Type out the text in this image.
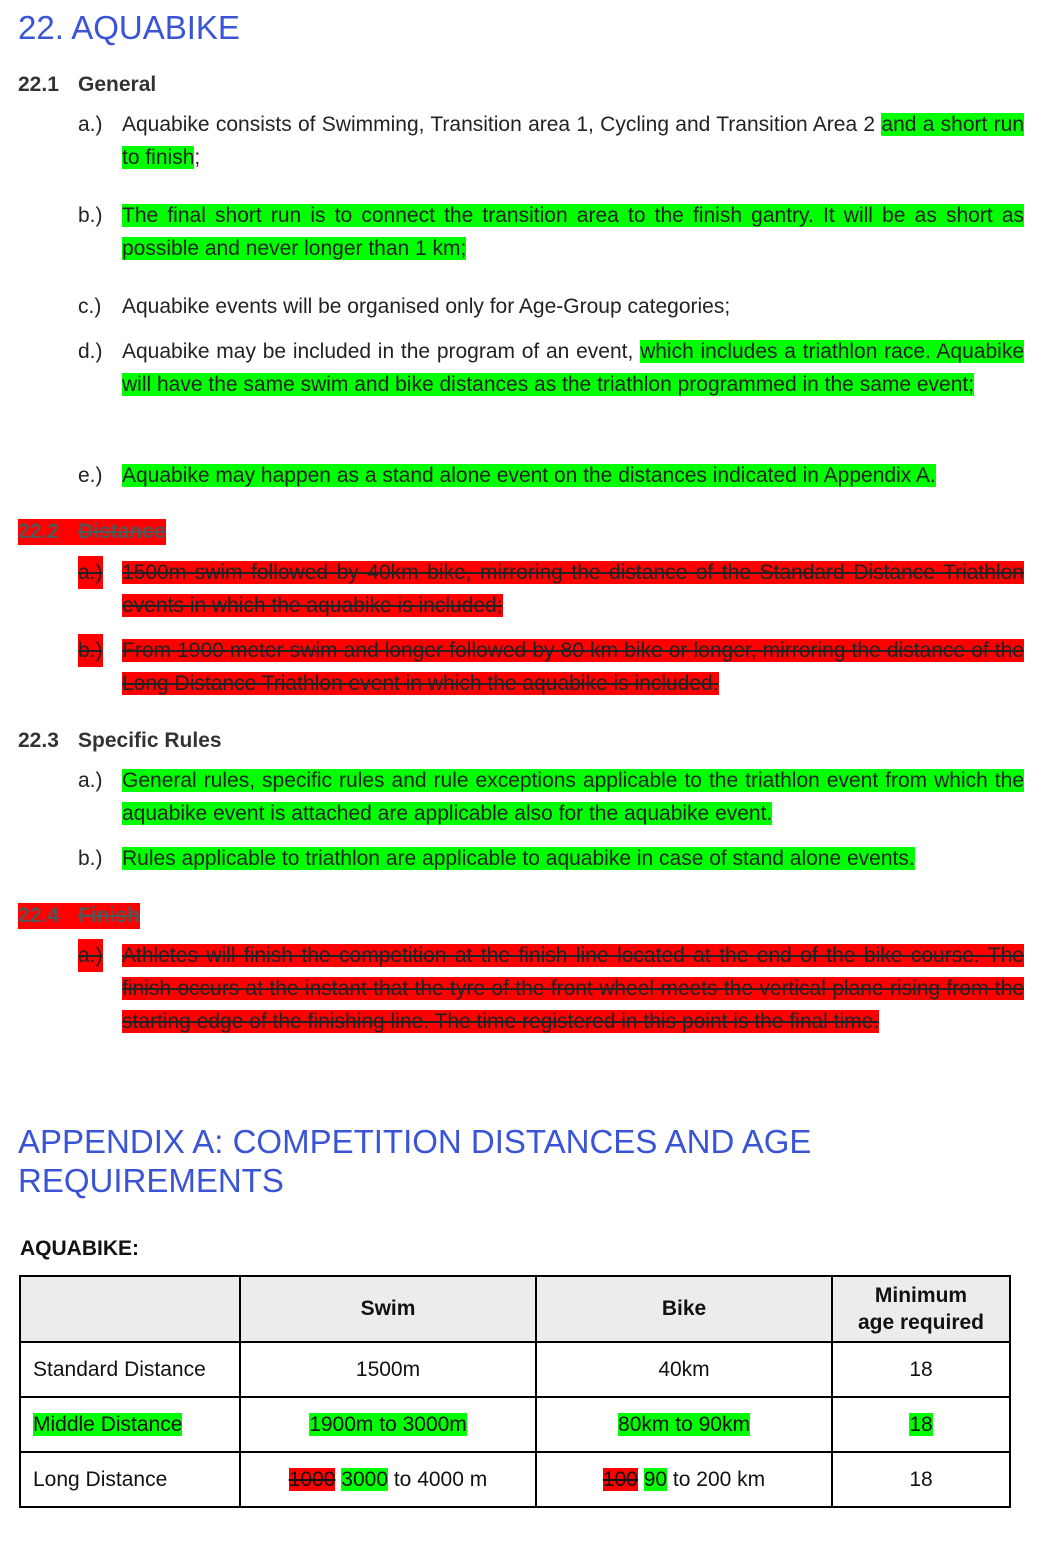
22. AQUABIKE
22.1 General
a.) Aquabike consists of Swimming, Transition area 1, Cycling and Transition Area 2 and a short run to finish;
b.) The final short run is to connect the transition area to the finish gantry. It will be as short as possible and never longer than 1 km;
c.) Aquabike events will be organised only for Age-Group categories;
d.) Aquabike may be included in the program of an event, which includes a triathlon race. Aquabike will have the same swim and bike distances as the triathlon programmed in the same event;
e.) Aquabike may happen as a stand alone event on the distances indicated in Appendix A.
22.2 Distance
a.) 1500m swim followed by 40km bike, mirroring the distance of the Standard Distance Triathlon events in which the aquabike is included;
b.) From 1900 meter swim and longer followed by 80 km bike or longer, mirroring the distance of the Long Distance Triathlon event in which the aquabike is included.
22.3 Specific Rules
a.) General rules, specific rules and rule exceptions applicable to the triathlon event from which the aquabike event is attached are applicable also for the aquabike event.
b.) Rules applicable to triathlon are applicable to aquabike in case of stand alone events.
22.4 Finish
a.) Athletes will finish the competition at the finish line located at the end of the bike course. The finish occurs at the instant that the tyre of the front wheel meets the vertical plane rising from the starting edge of the finishing line. The time registered in this point is the final time.
APPENDIX A: COMPETITION DISTANCES AND AGE REQUIREMENTS
AQUABIKE:
	Swim	Bike	Minimum
age required
Standard Distance	1500m	40km	18
Middle Distance	1900m to 3000m	80km to 90km	18
Long Distance	1000 3000 to 4000 m	100 90 to 200 km	18
